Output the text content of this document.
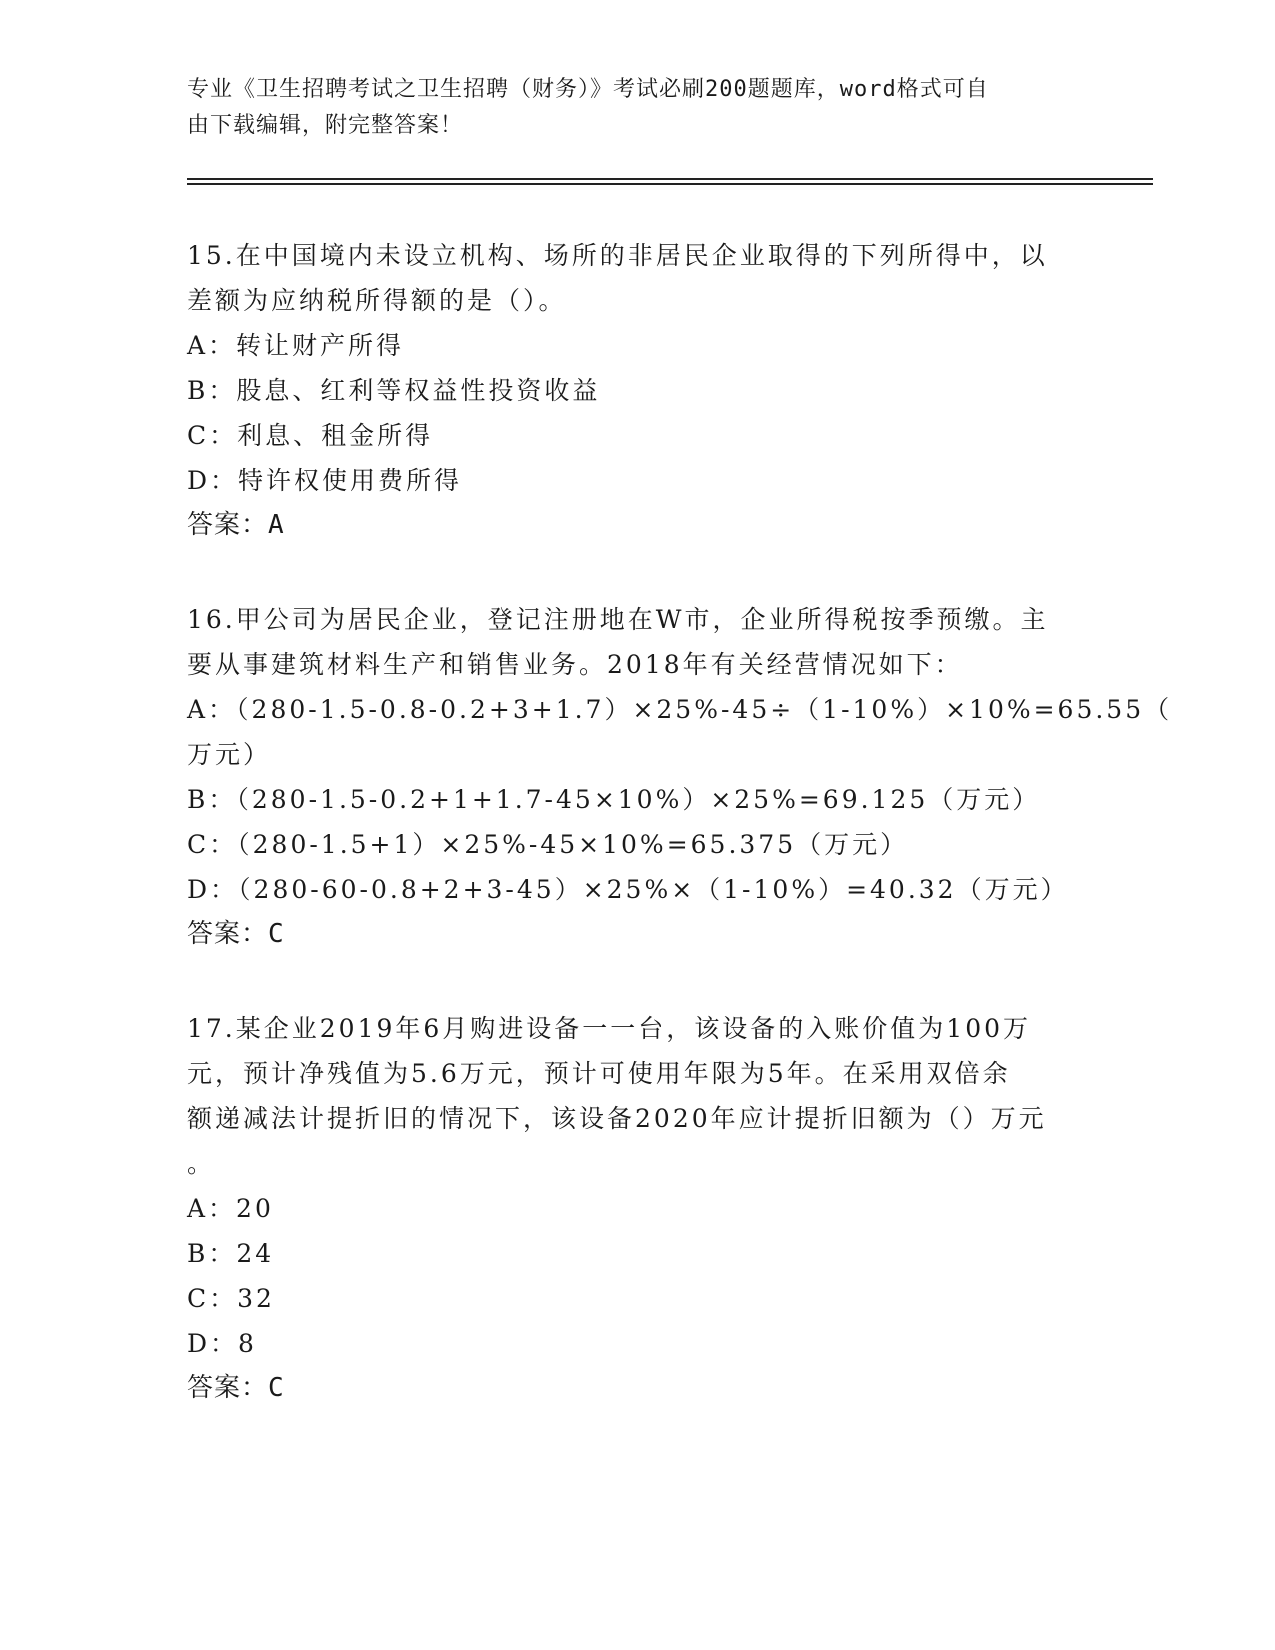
专业《卫生招聘考试之卫生招聘（财务）》考试必刷200题题库，word格式可自
由下载编辑，附完整答案！
15.在中国境内未设立机构、场所的非居民企业取得的下列所得中，以
差额为应纳税所得额的是（）。
A：转让财产所得
B：股息、红利等权益性投资收益
C：利息、租金所得
D：特许权使用费所得
答案：A
16.甲公司为居民企业，登记注册地在W市，企业所得税按季预缴。主
要从事建筑材料生产和销售业务。2018年有关经营情况如下：
A：（280-1.5-0.8-0.2+3+1.7）×25%-45÷（1-10%）×10%=65.55（
万元）
B：（280-1.5-0.2+1+1.7-45×10%）×25%=69.125（万元）
C：（280-1.5+1）×25%-45×10%=65.375（万元）
D：（280-60-0.8+2+3-45）×25%×（1-10%）=40.32（万元）
答案：C
17.某企业2019年6月购进设备一一台，该设备的入账价值为100万
元，预计净残值为5.6万元，预计可使用年限为5年。在采用双倍余
额递减法计提折旧的情况下，该设备2020年应计提折旧额为（）万元
。
A：20
B：24
C：32
D：8
答案：C
